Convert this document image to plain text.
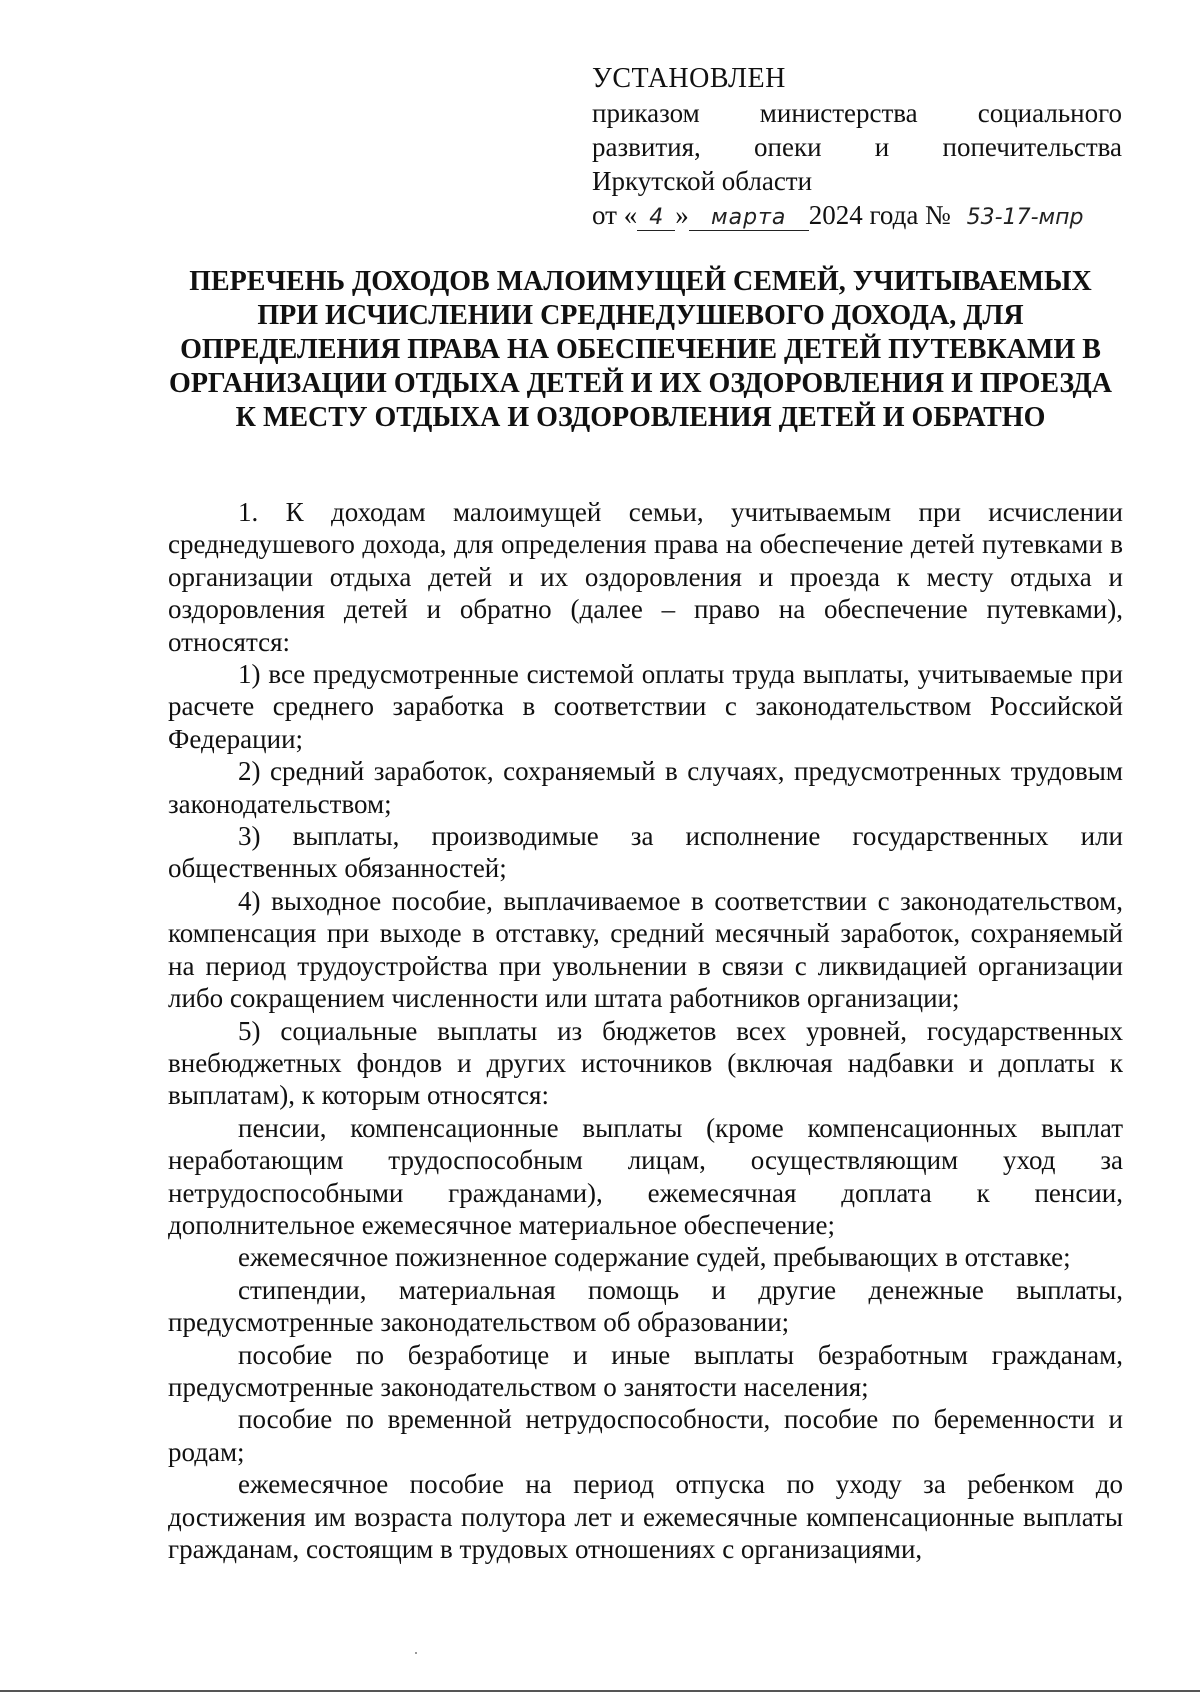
УСТАНОВЛЕН
приказом министерства социального
развития, опеки и попечительства
Иркутской области
от « 4 » марта 2024 года № 53-17-мпр
ПЕРЕЧЕНЬ ДОХОДОВ МАЛОИМУЩЕЙ СЕМЕЙ, УЧИТЫВАЕМЫХ ПРИ ИСЧИСЛЕНИИ СРЕДНЕДУШЕВОГО ДОХОДА, ДЛЯ ОПРЕДЕЛЕНИЯ ПРАВА НА ОБЕСПЕЧЕНИЕ ДЕТЕЙ ПУТЕВКАМИ В ОРГАНИЗАЦИИ ОТДЫХА ДЕТЕЙ И ИХ ОЗДОРОВЛЕНИЯ И ПРОЕЗДА К МЕСТУ ОТДЫХА И ОЗДОРОВЛЕНИЯ ДЕТЕЙ И ОБРАТНО

1. К доходам малоимущей семьи, учитываемым при исчислении среднедушевого дохода, для определения права на обеспечение детей путевками в организации отдыха детей и их оздоровления и проезда к месту отдыха и оздоровления детей и обратно (далее – право на обеспечение путевками), относятся:

1) все предусмотренные системой оплаты труда выплаты, учитываемые при расчете среднего заработка в соответствии с законодательством Российской Федерации;

2) средний заработок, сохраняемый в случаях, предусмотренных трудовым законодательством;

3) выплаты, производимые за исполнение государственных или общественных обязанностей;

4) выходное пособие, выплачиваемое в соответствии с законодательством, компенсация при выходе в отставку, средний месячный заработок, сохраняемый на период трудоустройства при увольнении в связи с ликвидацией организации либо сокращением численности или штата работников организации;

5) социальные выплаты из бюджетов всех уровней, государственных внебюджетных фондов и других источников (включая надбавки и доплаты к выплатам), к которым относятся:

пенсии, компенсационные выплаты (кроме компенсационных выплат неработающим трудоспособным лицам, осуществляющим уход за нетрудоспособными гражданами), ежемесячная доплата к пенсии, дополнительное ежемесячное материальное обеспечение;

ежемесячное пожизненное содержание судей, пребывающих в отставке;

стипендии, материальная помощь и другие денежные выплаты, предусмотренные законодательством об образовании;

пособие по безработице и иные выплаты безработным гражданам, предусмотренные законодательством о занятости населения;

пособие по временной нетрудоспособности, пособие по беременности и родам;

ежемесячное пособие на период отпуска по уходу за ребенком до достижения им возраста полутора лет и ежемесячные компенсационные выплаты гражданам, состоящим в трудовых отношениях с организациями,
